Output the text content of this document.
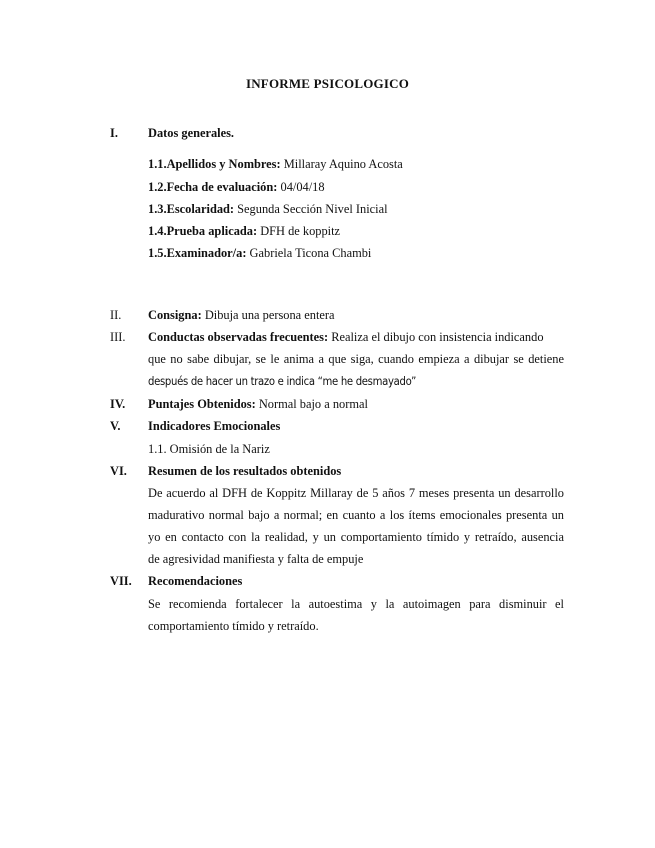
INFORME PSICOLOGICO
I. Datos generales.
1.1.Apellidos y Nombres: Millaray Aquino Acosta
1.2.Fecha de evaluación: 04/04/18
1.3.Escolaridad: Segunda Sección Nivel Inicial
1.4.Prueba aplicada: DFH de koppitz
1.5.Examinador/a: Gabriela Ticona Chambi
II. Consigna: Dibuja una persona entera
III. Conductas observadas frecuentes: Realiza el dibujo con insistencia indicando
que no sabe dibujar, se le anima a que siga, cuando empieza a dibujar se detiene
después de hacer un trazo e indica “me he desmayado”
IV. Puntajes Obtenidos: Normal bajo a normal
V. Indicadores Emocionales
1.1. Omisión de la Nariz
VI. Resumen de los resultados obtenidos
De acuerdo al DFH de Koppitz Millaray de 5 años 7 meses presenta un desarrollo
madurativo normal bajo a normal; en cuanto a los ítems emocionales presenta un
yo en contacto con la realidad, y un comportamiento tímido y retraído, ausencia
de agresividad manifiesta y falta de empuje
VII. Recomendaciones
Se recomienda fortalecer la autoestima y la autoimagen para disminuir el
comportamiento tímido y retraído.
